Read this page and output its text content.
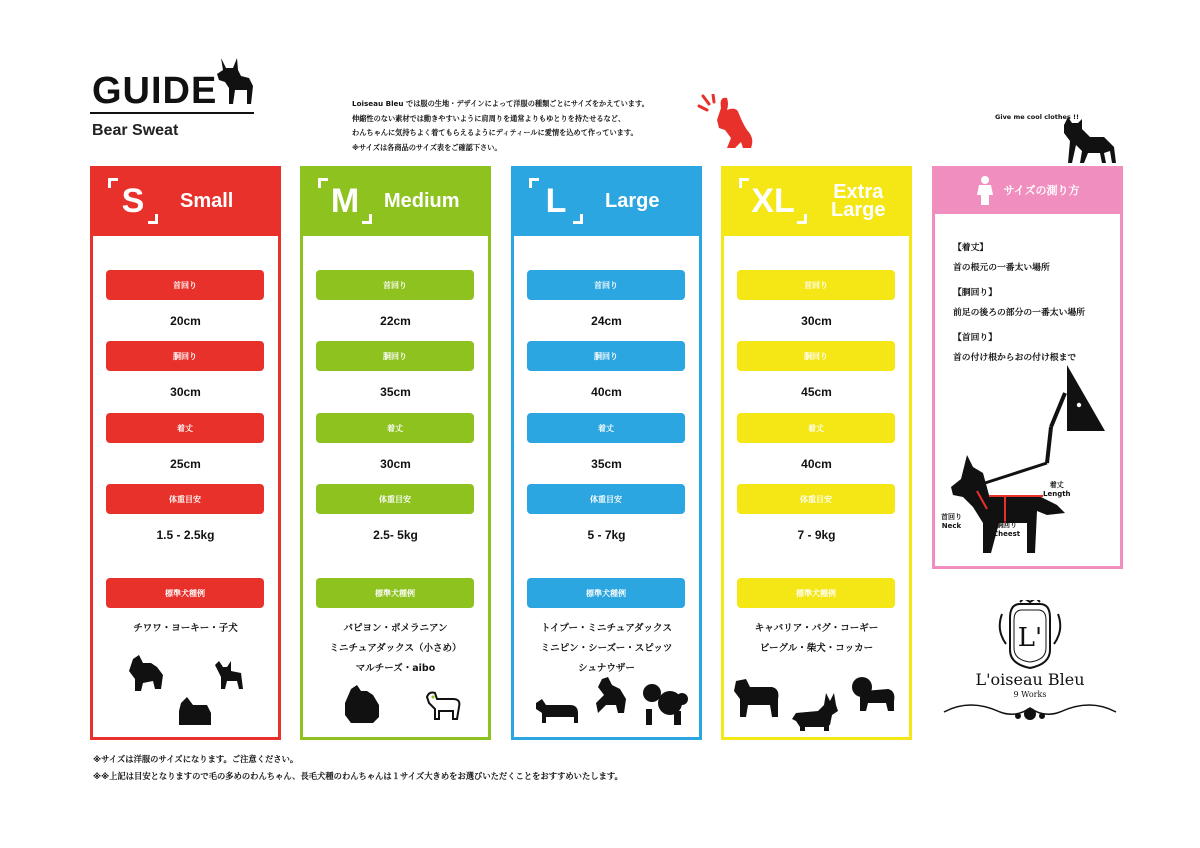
GUIDE
Bear Sweat
Loiseau Bleu では服の生地・デザインによって洋服の種類ごとにサイズをかえています。
伸縮性のない素材では動きやすいように肩周りを通常よりもゆとりを持たせるなど、
わんちゃんに気持ちよく着てもらえるようにディティールに愛情を込めて作っています。
※サイズは各商品のサイズ表をご確認下さい。
Give me cool clothes !!
S Small
首回り
20cm
胴回り
30cm
着丈
25cm
体重目安
1.5 - 2.5kg
標準犬種例
チワワ・ヨーキー・子犬
M Medium
首回り
22cm
胴回り
35cm
着丈
30cm
体重目安
2.5- 5kg
標準犬種例
パピヨン・ポメラニアン
ミニチュアダックス（小さめ）
マルチーズ・aibo
L Large
首回り
24cm
胴回り
40cm
着丈
35cm
体重目安
5 - 7kg
標準犬種例
トイプー・ミニチュアダックス
ミニピン・シーズー・スピッツ
シュナウザー
XL Extra
Large
首回り
30cm
胴回り
45cm
着丈
40cm
体重目安
7 - 9kg
標準犬種例
キャバリア・パグ・コーギー
ビーグル・柴犬・コッカー
サイズの測り方
【着丈】
首の根元の一番太い場所
【胴回り】
前足の後ろの部分の一番太い場所
【首回り】
首の付け根からおの付け根まで
着丈
Length
首回り
Neck	胴回り
Cheest
L'
L'oiseau Bleu
9 Works
※サイズは洋服のサイズになります。ご注意ください。
※※上記は目安となりますので毛の多めのわんちゃん、長毛犬種のわんちゃんは１サイズ大きめをお選びいただくことをおすすめいたします。
